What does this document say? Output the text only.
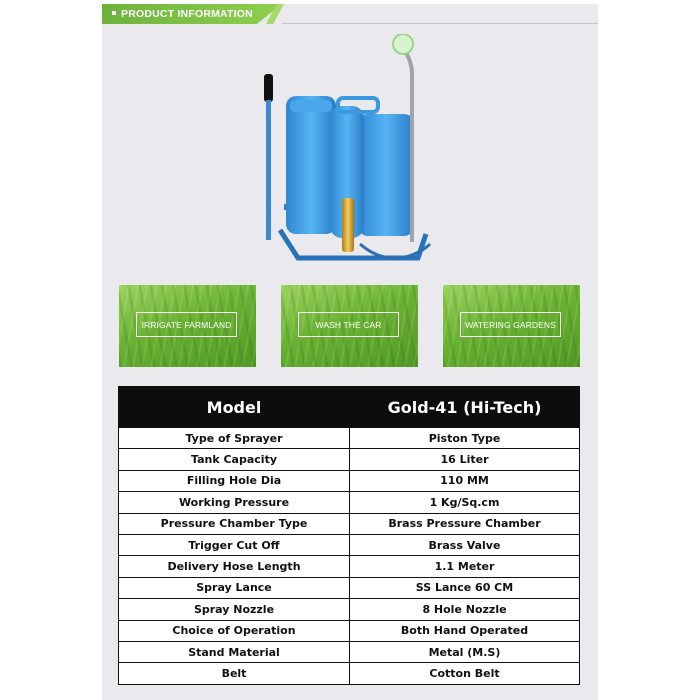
PRODUCT INFORMATION
IRRIGATE FARMLAND	WASH THE CAR	WATERING GARDENS
Model	Gold-41 (Hi-Tech)
Type of Sprayer	Piston Type
Tank Capacity	16 Liter
Filling Hole Dia	110 MM
Working Pressure	1 Kg/Sq.cm
Pressure Chamber Type	Brass Pressure Chamber
Trigger Cut Off	Brass Valve
Delivery Hose Length	1.1 Meter
Spray Lance	SS Lance 60 CM
Spray Nozzle	8 Hole Nozzle
Choice of Operation	Both Hand Operated
Stand Material	Metal (M.S)
Belt	Cotton Belt
